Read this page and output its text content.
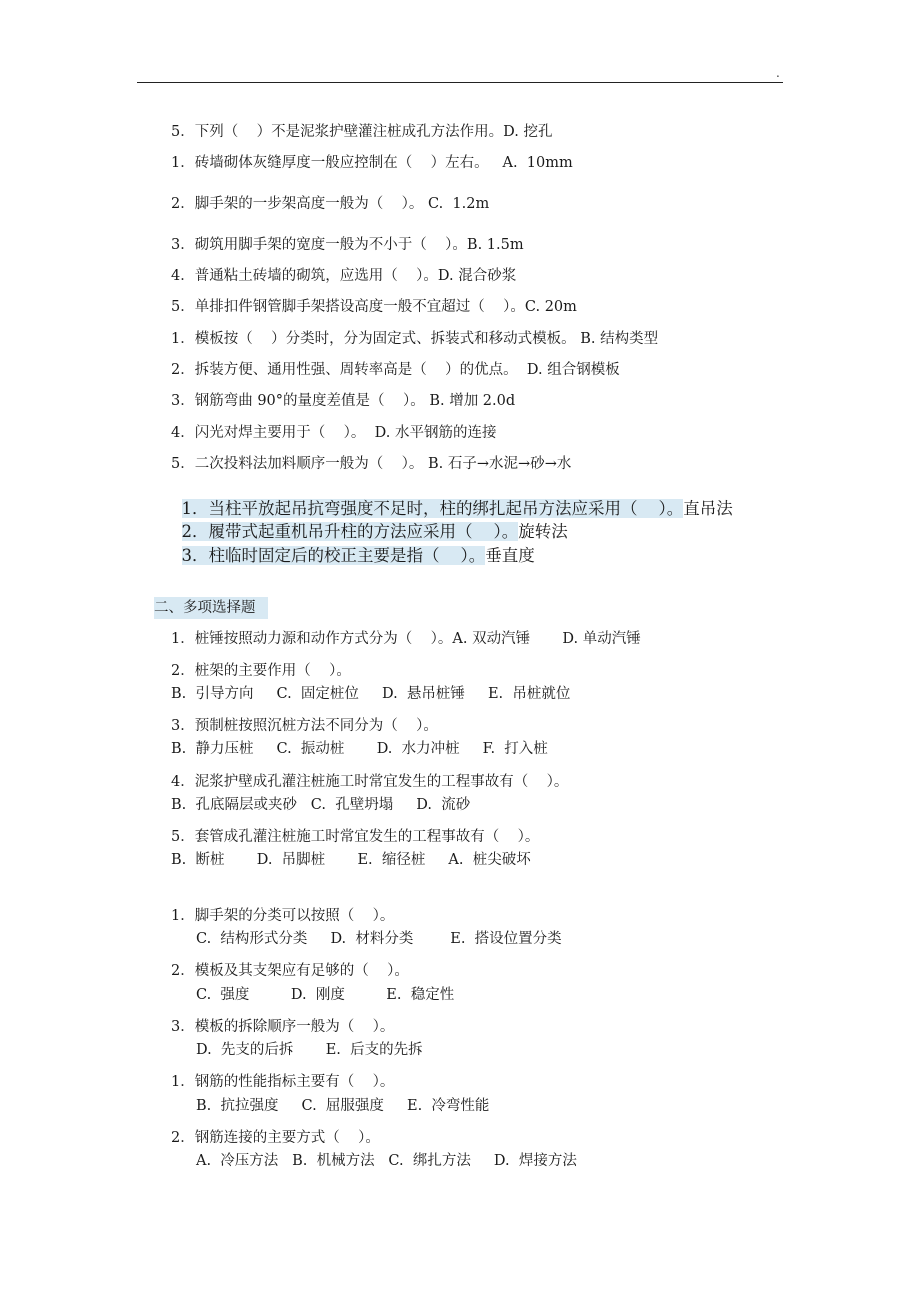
.
5．下列（    ）不是泥浆护壁灌注桩成孔方法作用。D. 挖孔
1．砖墙砌体灰缝厚度一般应控制在（    ）左右。   A.  10mm
2．脚手架的一步架高度一般为（    ）。 C.  1.2m
3．砌筑用脚手架的宽度一般为不小于（    ）。B. 1.5m
4．普通粘土砖墙的砌筑，应选用（    ）。D. 混合砂浆
5．单排扣件钢管脚手架搭设高度一般不宜超过（    ）。C. 20m
1．模板按（    ）分类时，分为固定式、拆装式和移动式模板。 B. 结构类型
2．拆装方便、通用性强、周转率高是（    ）的优点。  D. 组合钢模板
3．钢筋弯曲 90°的量度差值是（    ）。 B. 增加 2.0d
4．闪光对焊主要用于（    ）。  D. 水平钢筋的连接
5．二次投料法加料顺序一般为（    ）。 B. 石子→水泥→砂→水

1．当柱平放起吊抗弯强度不足时，柱的绑扎起吊方法应采用（    ）。直吊法

2．履带式起重机吊升柱的方法应采用（    ）。旋转法

3．柱临时固定后的校正主要是指（    ）。垂直度

二、多项选择题
1．桩锤按照动力源和动作方式分为（    ）。A. 双动汽锤       D. 单动汽锤
2．桩架的主要作用（    ）。
B.  引导方向     C.  固定桩位     D.  悬吊桩锤     E.  吊桩就位
3．预制桩按照沉桩方法不同分为（    ）。
B.  静力压桩     C.  振动桩       D.  水力冲桩     F.  打入桩
4．泥浆护壁成孔灌注桩施工时常宜发生的工程事故有（    ）。
B.  孔底隔层或夹砂   C.  孔壁坍塌     D.  流砂
5．套管成孔灌注桩施工时常宜发生的工程事故有（    ）。
B.  断桩       D.  吊脚桩       E.  缩径桩     A.  桩尖破坏
1．脚手架的分类可以按照（    ）。
C.  结构形式分类     D.  材料分类        E.  搭设位置分类
2．模板及其支架应有足够的（    ）。
C.  强度         D.  刚度         E.  稳定性
3．模板的拆除顺序一般为（    ）。
D.  先支的后拆       E.  后支的先拆
1．钢筋的性能指标主要有（    ）。
B.  抗拉强度     C.  屈服强度     E.  冷弯性能
2．钢筋连接的主要方式（    ）。
A.  冷压方法   B.  机械方法   C.  绑扎方法     D.  焊接方法
